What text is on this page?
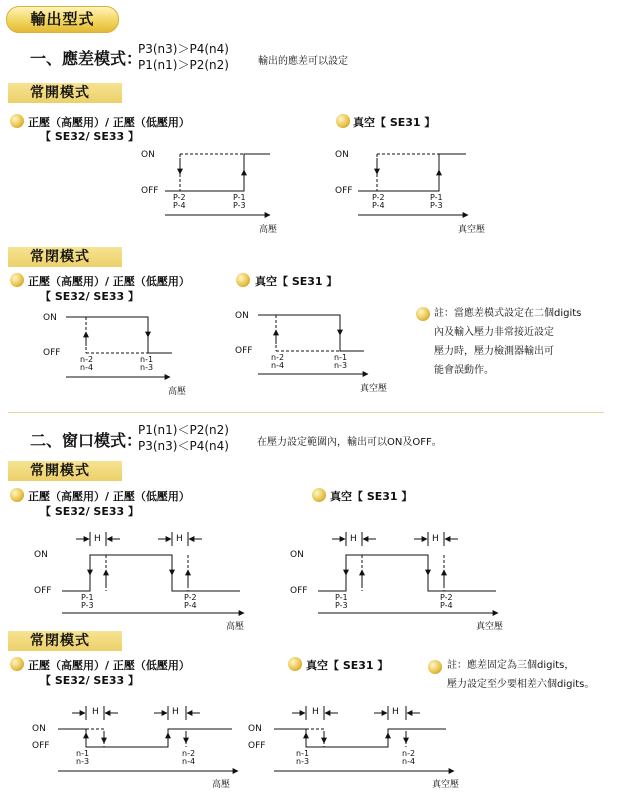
輸出型式
一、應差模式：
P3(n3)＞P4(n4)
P1(n1)＞P2(n2)	輸出的應差可以設定
常開模式
正壓（高壓用）/ 正壓（低壓用）
【 SE32/ SE33 】
真空【 SE31 】
ON
OFF
P-2
P-4
P-1
P-3
高壓
ON
OFF
P-2
P-4
P-1
P-3
真空壓
常閉模式
正壓（高壓用）/ 正壓（低壓用）
【 SE32/ SE33 】
真空【 SE31 】
ON
OFF
n-2
n-4
n-1
n-3
高壓
ON
OFF
n-2
n-4
n-1
n-3
真空壓
註：當應差模式設定在二個digits
內及輸入壓力非常接近設定
壓力時，壓力檢測器輸出可
能會誤動作。
二、窗口模式：
P1(n1)＜P2(n2)
P3(n3)＜P4(n4)	在壓力設定範圍內，輸出可以ON及OFF。
常開模式
正壓（高壓用）/ 正壓（低壓用）
【 SE32/ SE33 】
真空【 SE31 】
ON
OFF
H	H
P-1
P-3
P-2
P-4
高壓
ON
OFF
H	H
P-1
P-3
P-2
P-4
真空壓
常閉模式
正壓（高壓用）/ 正壓（低壓用）
【 SE32/ SE33 】
真空【 SE31 】	註：應差固定為三個digits，
壓力設定至少要相差六個digits。
ON
OFF
H	H
n-1
n-3
n-2
n-4
高壓
ON
OFF
H	H
n-1
n-3
n-2
n-4
真空壓
